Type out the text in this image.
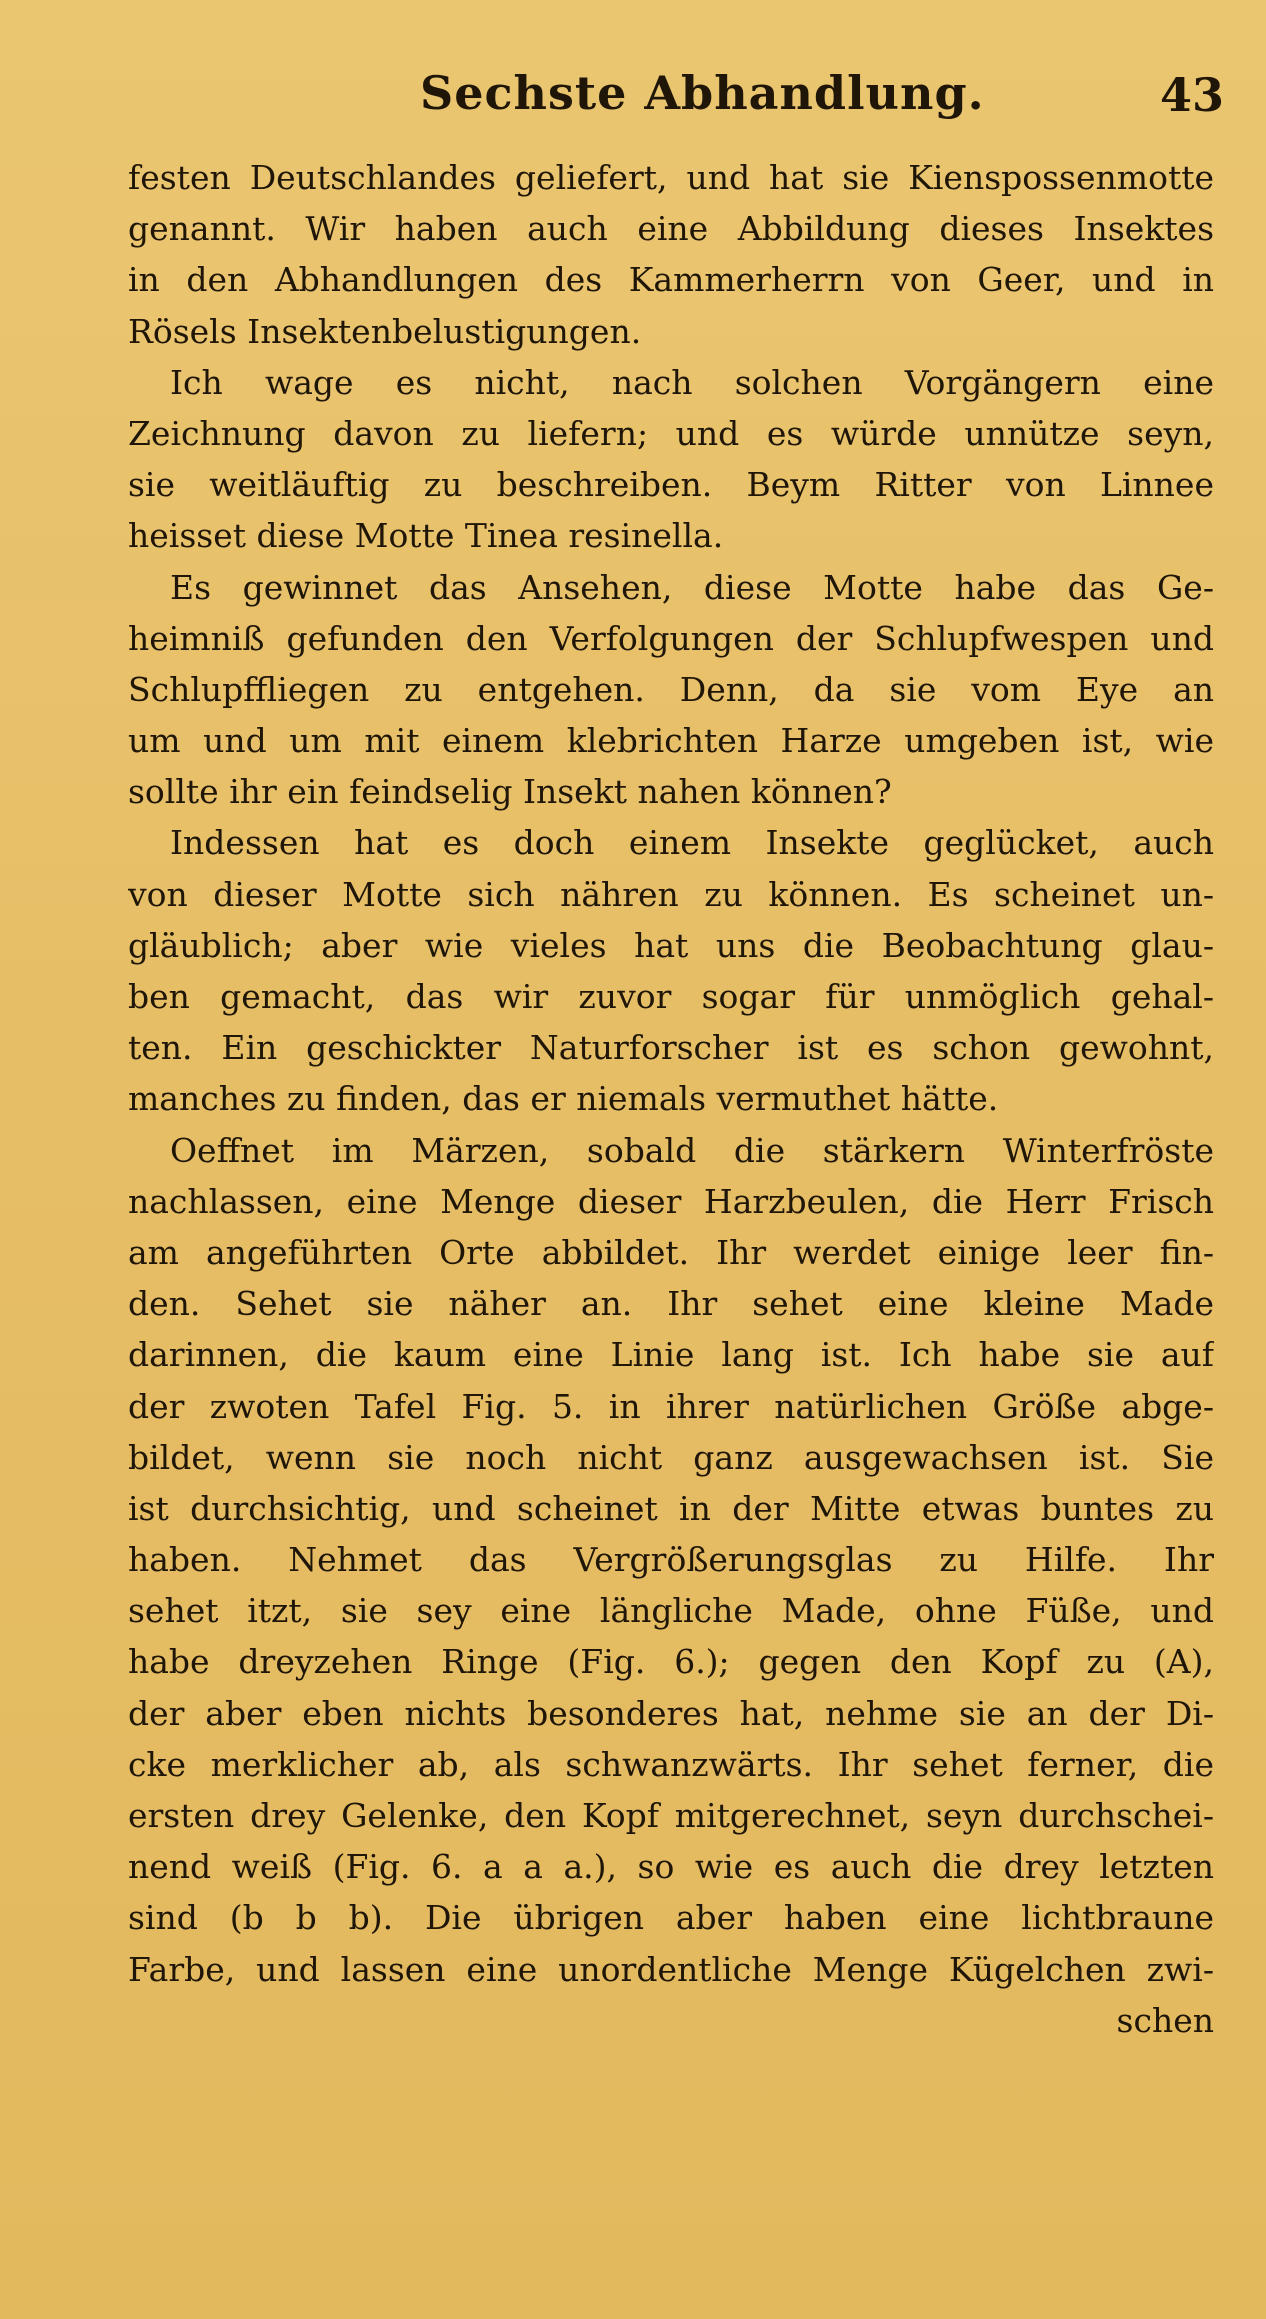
Sechste Abhandlung.	43
festen Deutschlandes geliefert, und hat sie Kienspossenmotte
genannt. Wir haben auch eine Abbildung dieses Insektes
in den Abhandlungen des Kammerherrn von Geer, und in
Rösels Insektenbelustigungen.
Ich wage es nicht, nach solchen Vorgängern eine
Zeichnung davon zu liefern; und es würde unnütze seyn,
sie weitläuftig zu beschreiben. Beym Ritter von Linnee
heisset diese Motte Tinea resinella.
Es gewinnet das Ansehen, diese Motte habe das Ge-
heimniß gefunden den Verfolgungen der Schlupfwespen und
Schlupffliegen zu entgehen. Denn, da sie vom Eye an
um und um mit einem klebrichten Harze umgeben ist, wie
sollte ihr ein feindselig Insekt nahen können?
Indessen hat es doch einem Insekte geglücket, auch
von dieser Motte sich nähren zu können. Es scheinet un-
gläublich; aber wie vieles hat uns die Beobachtung glau-
ben gemacht, das wir zuvor sogar für unmöglich gehal-
ten. Ein geschickter Naturforscher ist es schon gewohnt,
manches zu finden, das er niemals vermuthet hätte.
Oeffnet im Märzen, sobald die stärkern Winterfröste
nachlassen, eine Menge dieser Harzbeulen, die Herr Frisch
am angeführten Orte abbildet. Ihr werdet einige leer fin-
den. Sehet sie näher an. Ihr sehet eine kleine Made
darinnen, die kaum eine Linie lang ist. Ich habe sie auf
der zwoten Tafel Fig. 5. in ihrer natürlichen Größe abge-
bildet, wenn sie noch nicht ganz ausgewachsen ist. Sie
ist durchsichtig, und scheinet in der Mitte etwas buntes zu
haben. Nehmet das Vergrößerungsglas zu Hilfe. Ihr
sehet itzt, sie sey eine längliche Made, ohne Füße, und
habe dreyzehen Ringe (Fig. 6.); gegen den Kopf zu (A),
der aber eben nichts besonderes hat, nehme sie an der Di-
cke merklicher ab, als schwanzwärts. Ihr sehet ferner, die
ersten drey Gelenke, den Kopf mitgerechnet, seyn durchschei-
nend weiß (Fig. 6. a a a.), so wie es auch die drey letzten
sind (b b b). Die übrigen aber haben eine lichtbraune
Farbe, und lassen eine unordentliche Menge Kügelchen zwi-
schen
